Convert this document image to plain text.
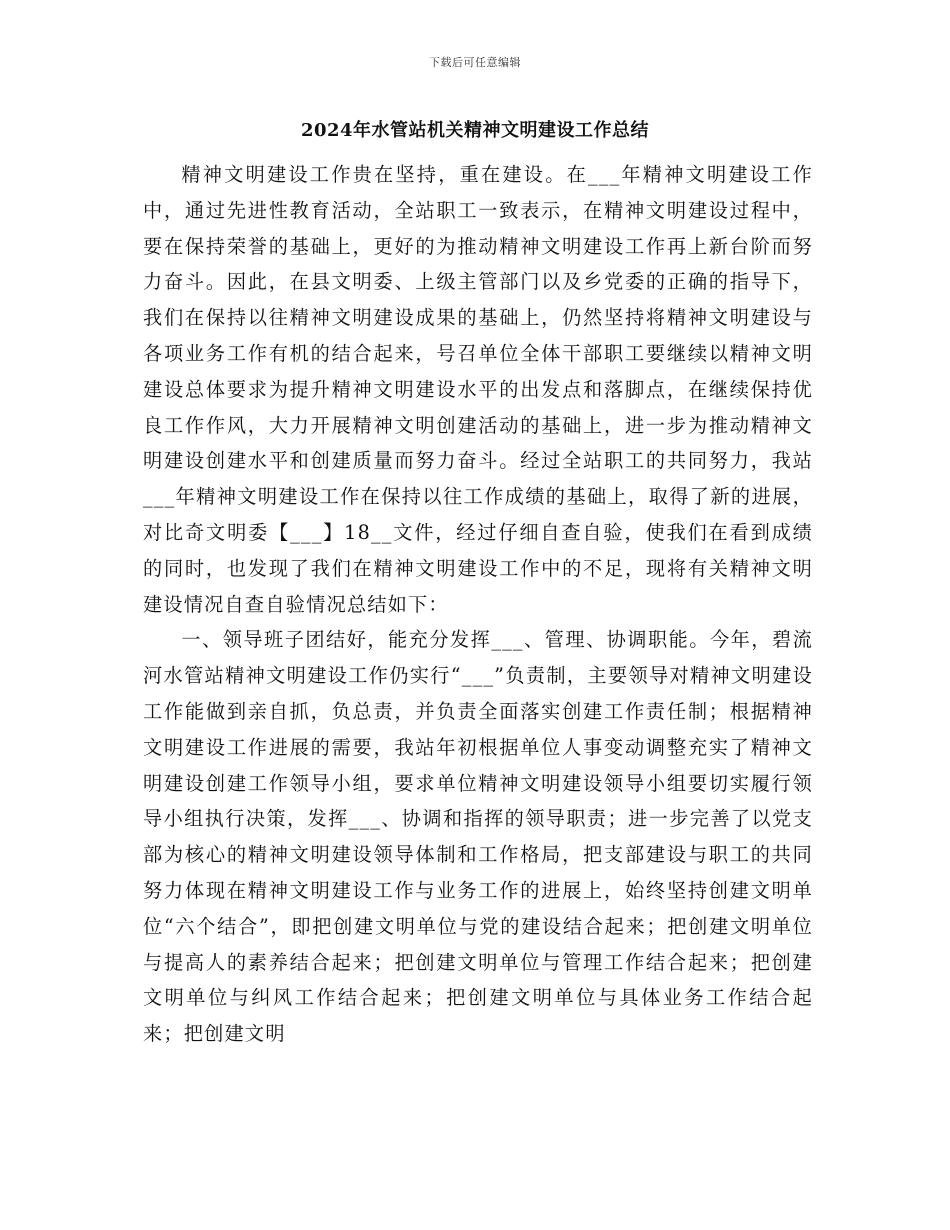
下载后可任意编辑
2024年水管站机关精神文明建设工作总结

精神文明建设工作贵在坚持，重在建设。在___年精神文明建设工作中，通过先进性教育活动，全站职工一致表示，在精神文明建设过程中，要在保持荣誉的基础上，更好的为推动精神文明建设工作再上新台阶而努力奋斗。因此，在县文明委、上级主管部门以及乡党委的正确的指导下，我们在保持以往精神文明建设成果的基础上，仍然坚持将精神文明建设与各项业务工作有机的结合起来，号召单位全体干部职工要继续以精神文明建设总体要求为提升精神文明建设水平的出发点和落脚点，在继续保持优良工作作风，大力开展精神文明创建活动的基础上，进一步为推动精神文明建设创建水平和创建质量而努力奋斗。经过全站职工的共同努力，我站___年精神文明建设工作在保持以往工作成绩的基础上，取得了新的进展，对比奇文明委【___】18__文件，经过仔细自查自验，使我们在看到成绩的同时，也发现了我们在精神文明建设工作中的不足，现将有关精神文明建设情况自查自验情况总结如下：

一、领导班子团结好，能充分发挥___、管理、协调职能。今年，碧流河水管站精神文明建设工作仍实行“___”负责制，主要领导对精神文明建设工作能做到亲自抓，负总责，并负责全面落实创建工作责任制；根据精神文明建设工作进展的需要，我站年初根据单位人事变动调整充实了精神文明建设创建工作领导小组，要求单位精神文明建设领导小组要切实履行领导小组执行决策，发挥___、协调和指挥的领导职责；进一步完善了以党支部为核心的精神文明建设领导体制和工作格局，把支部建设与职工的共同努力体现在精神文明建设工作与业务工作的进展上，始终坚持创建文明单位“六个结合”，即把创建文明单位与党的建设结合起来；把创建文明单位与提高人的素养结合起来；把创建文明单位与管理工作结合起来；把创建文明单位与纠风工作结合起来；把创建文明单位与具体业务工作结合起来；把创建文明
